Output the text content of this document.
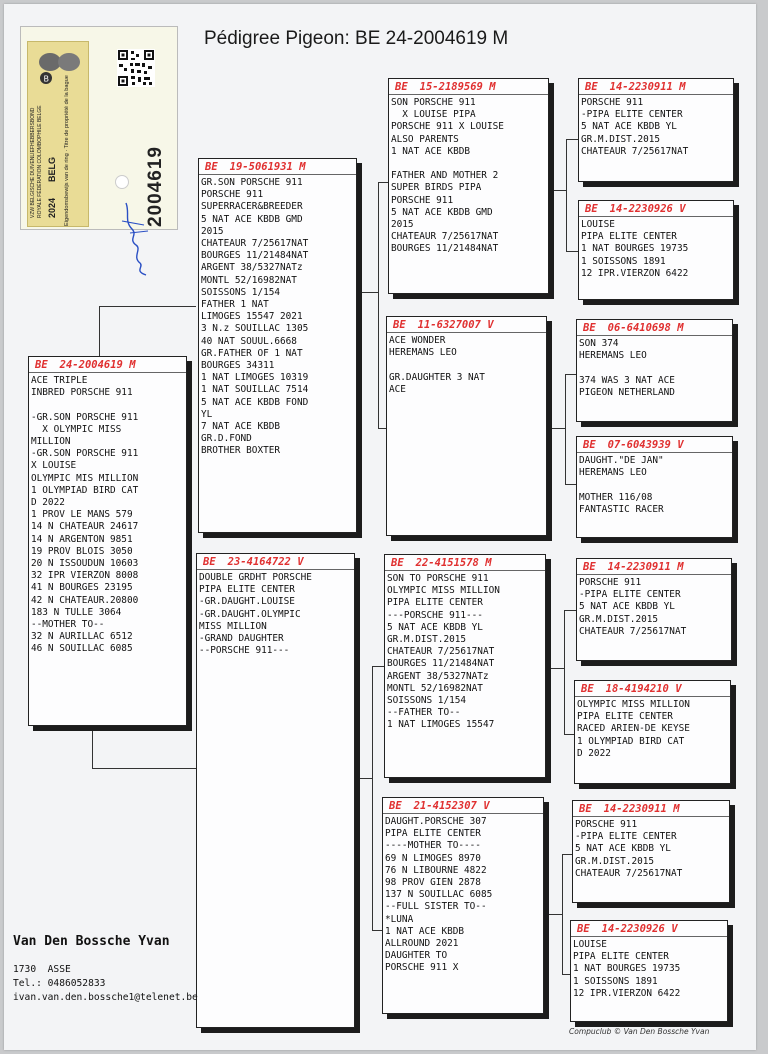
B
VZW BELGISCHE DUIVENLIEFHEBBERSBOND ROYALE FÉDÉRATION COLOMBOPHILE BELGE 2024
BELG Eigendomsbewijs van de ring · Titre de propriété de la bague	2004619
Pédigree Pigeon: BE 24-2004619 M
BE 24-2004619 M
ACE TRIPLE
INBRED PORSCHE 911

-GR.SON PORSCHE 911
X OLYMPIC MISS
MILLION
-GR.SON PORSCHE 911
X LOUISE
OLYMPIC MIS MILLION
1 OLYMPIAD BIRD CAT
D 2022
1 PROV LE MANS 579
14 N CHATEAUR 24617
14 N ARGENTON 9851
19 PROV BLOIS 3050
20 N ISSOUDUN 10603
32 IPR VIERZON 8008
41 N BOURGES 23195
42 N CHATEAUR.20800
183 N TULLE 3064
--MOTHER TO--
32 N AURILLAC 6512
46 N SOUILLAC 6085
BE 19-5061931 M
GR.SON PORSCHE 911
PORSCHE 911
SUPERRACER&BREEDER
5 NAT ACE KBDB GMD
2015
CHATEAUR 7/25617NAT
BOURGES 11/21484NAT
ARGENT 38/5327NATz
MONTL 52/16982NAT
SOISSONS 1/154
FATHER 1 NAT
LIMOGES 15547 2021
3 N.z SOUILLAC 1305
40 NAT SOUUL.6668
GR.FATHER OF 1 NAT
BOURGES 34311
1 NAT LIMOGES 10319
1 NAT SOUILLAC 7514
5 NAT ACE KBDB FOND
YL
7 NAT ACE KBDB
GR.D.FOND
BROTHER BOXTER
BE 23-4164722 V
DOUBLE GRDHT PORSCHE
PIPA ELITE CENTER
-GR.DAUGHT.LOUISE
-GR.DAUGHT.OLYMPIC
MISS MILLION
-GRAND DAUGHTER
--PORSCHE 911---
BE 15-2189569 M
SON PORSCHE 911
X LOUISE PIPA
PORSCHE 911 X LOUISE
ALSO PARENTS
1 NAT ACE KBDB

FATHER AND MOTHER 2
SUPER BIRDS PIPA
PORSCHE 911
5 NAT ACE KBDB GMD
2015
CHATEAUR 7/25617NAT
BOURGES 11/21484NAT
BE 11-6327007 V
ACE WONDER
HEREMANS LEO

GR.DAUGHTER 3 NAT
ACE
BE 22-4151578 M
SON TO PORSCHE 911
OLYMPIC MISS MILLION
PIPA ELITE CENTER
---PORSCHE 911---
5 NAT ACE KBDB YL
GR.M.DIST.2015
CHATEAUR 7/25617NAT
BOURGES 11/21484NAT
ARGENT 38/5327NATz
MONTL 52/16982NAT
SOISSONS 1/154
--FATHER TO--
1 NAT LIMOGES 15547
BE 21-4152307 V
DAUGHT.PORSCHE 307
PIPA ELITE CENTER
----MOTHER TO----
69 N LIMOGES 8970
76 N LIBOURNE 4822
98 PROV GIEN 2878
137 N SOUILLAC 6085
--FULL SISTER TO--
*LUNA
1 NAT ACE KBDB
ALLROUND 2021
DAUGHTER TO
PORSCHE 911 X
BE 14-2230911 M
PORSCHE 911
-PIPA ELITE CENTER
5 NAT ACE KBDB YL
GR.M.DIST.2015
CHATEAUR 7/25617NAT
BE 14-2230926 V
LOUISE
PIPA ELITE CENTER
1 NAT BOURGES 19735
1 SOISSONS 1891
12 IPR.VIERZON 6422
BE 06-6410698 M
SON 374
HEREMANS LEO

374 WAS 3 NAT ACE
PIGEON NETHERLAND
BE 07-6043939 V
DAUGHT."DE JAN"
HEREMANS LEO

MOTHER 116/08
FANTASTIC RACER
BE 14-2230911 M
PORSCHE 911
-PIPA ELITE CENTER
5 NAT ACE KBDB YL
GR.M.DIST.2015
CHATEAUR 7/25617NAT
BE 18-4194210 V
OLYMPIC MISS MILLION
PIPA ELITE CENTER
RACED ARIEN-DE KEYSE
1 OLYMPIAD BIRD CAT
D 2022
BE 14-2230911 M
PORSCHE 911
-PIPA ELITE CENTER
5 NAT ACE KBDB YL
GR.M.DIST.2015
CHATEAUR 7/25617NAT
BE 14-2230926 V
LOUISE
PIPA ELITE CENTER
1 NAT BOURGES 19735
1 SOISSONS 1891
12 IPR.VIERZON 6422
Van Den Bossche Yvan
1730  ASSE
Tel.: 0486052833
ivan.van.den.bossche1@telenet.be
Compuclub © Van Den Bossche Yvan
